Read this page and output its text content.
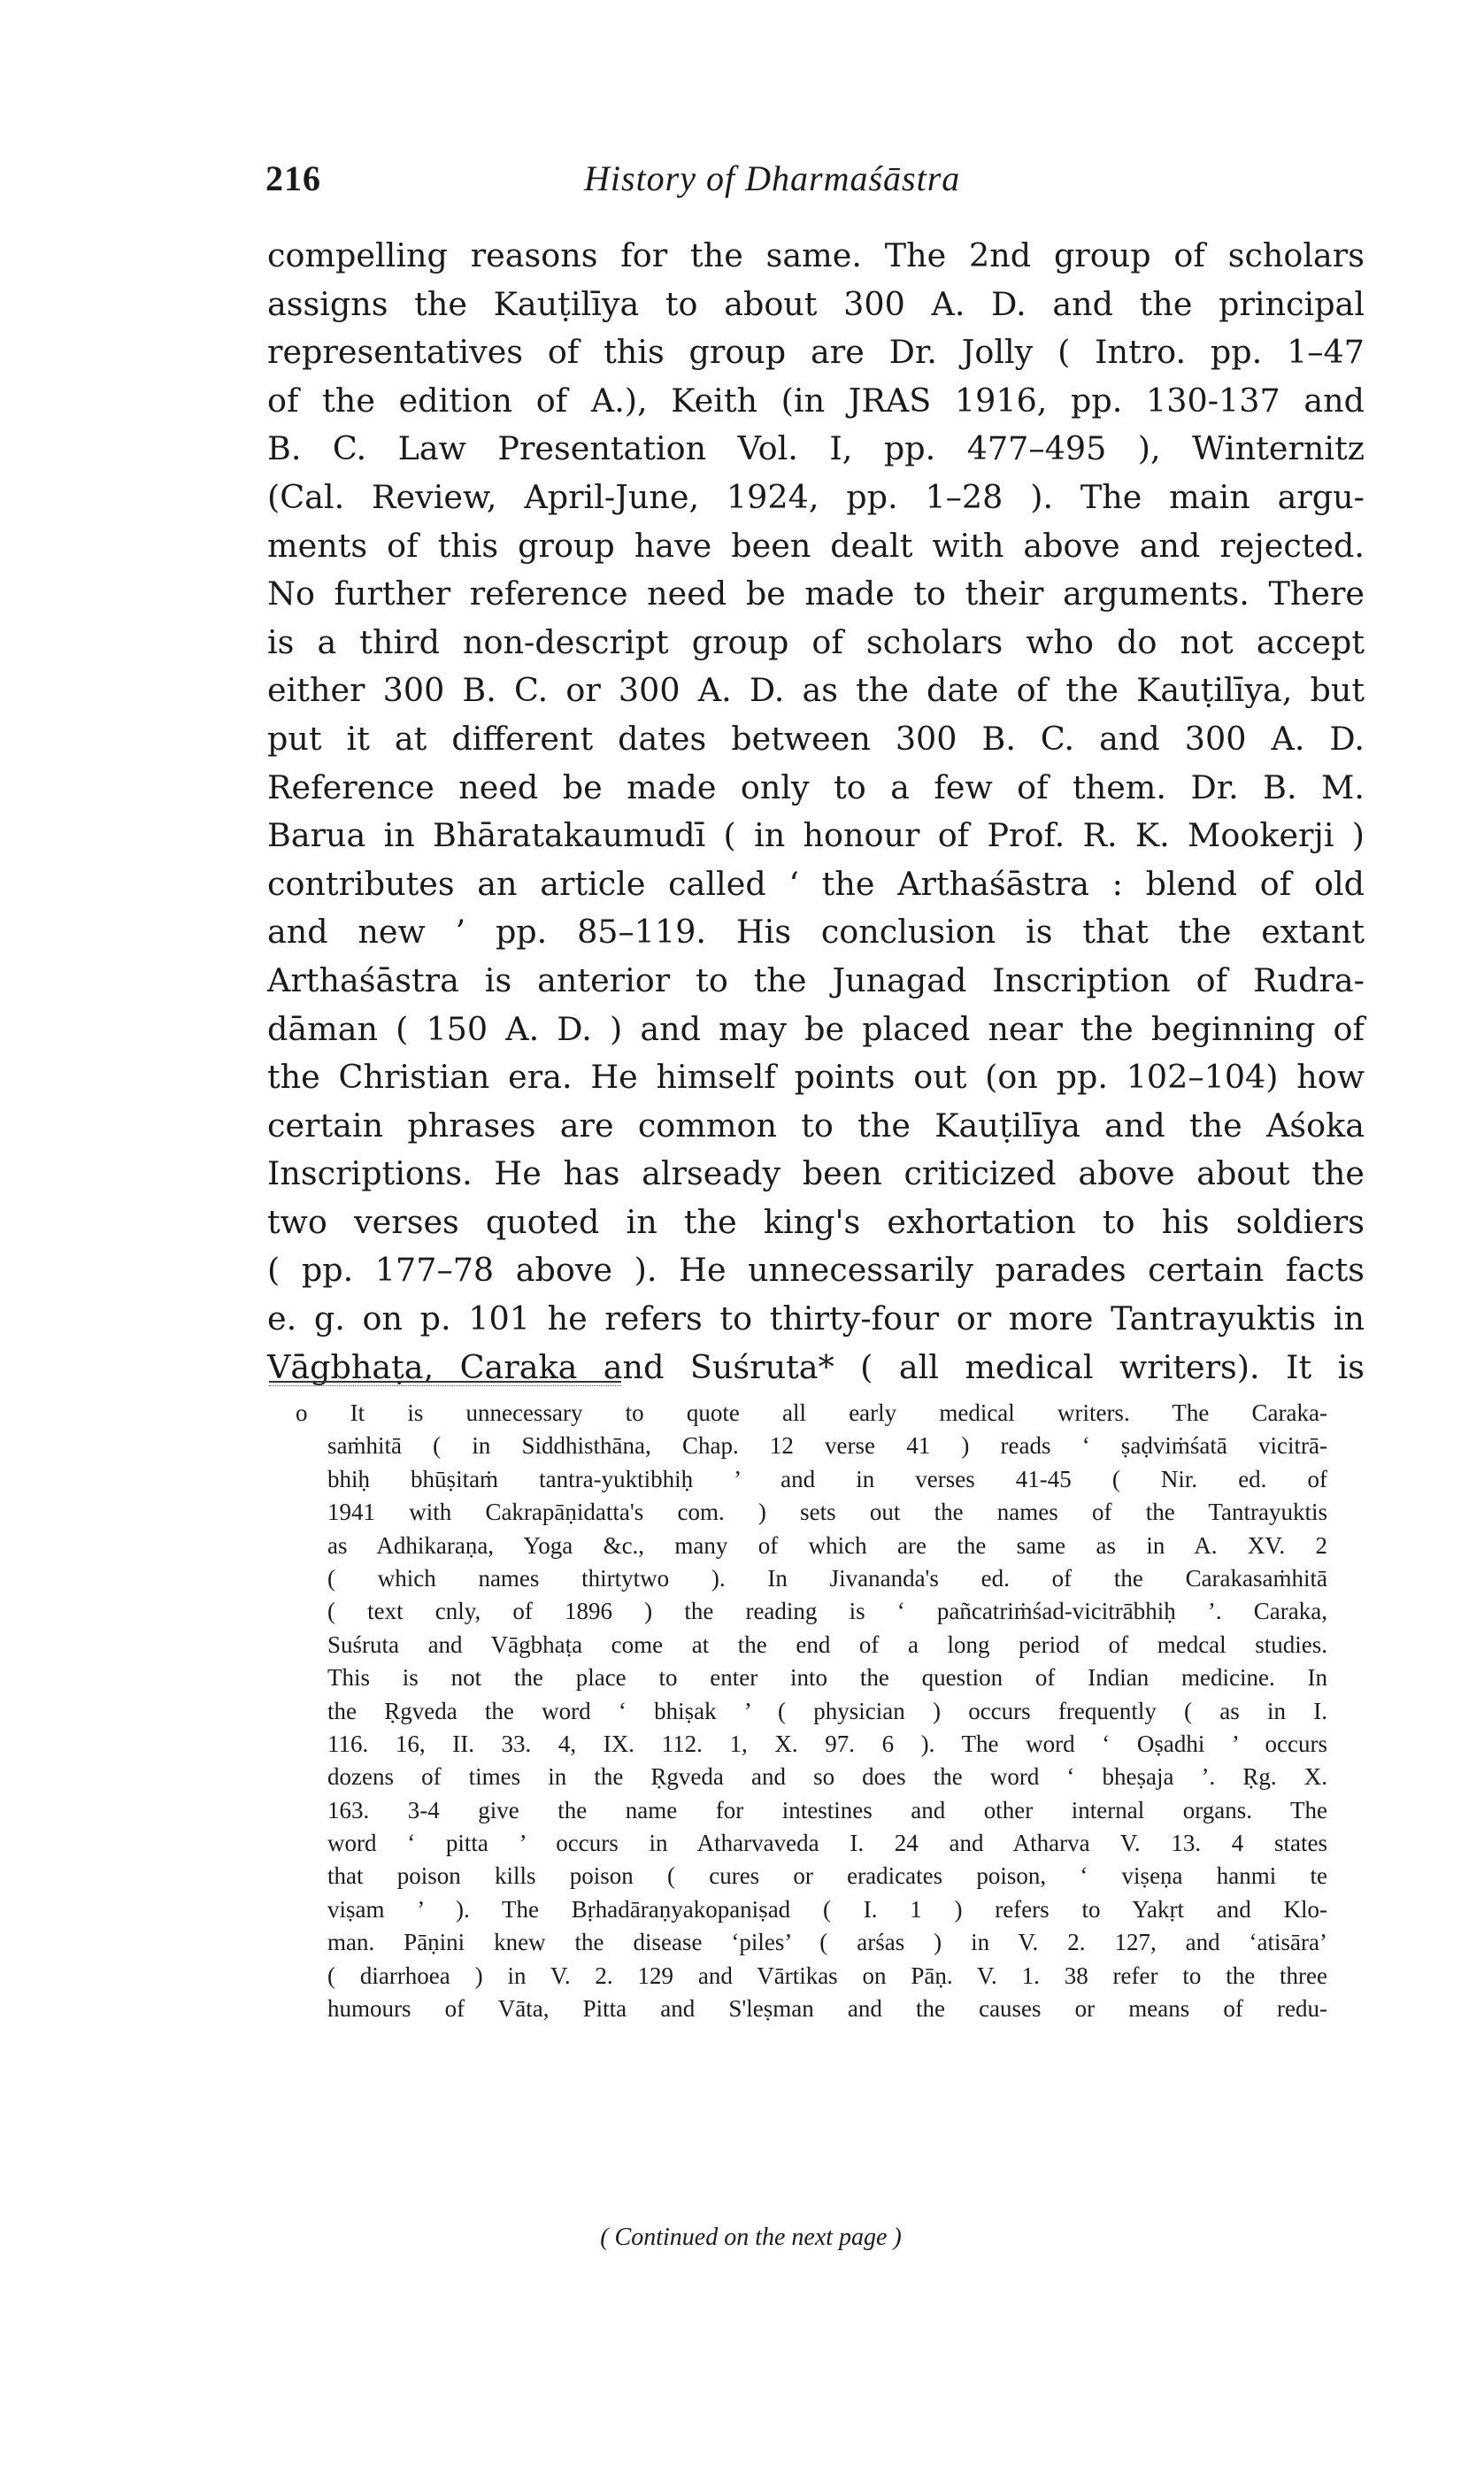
216	History of Dharmaśāstra
compelling reasons for the same. The 2nd group of scholars
assigns the Kauṭilīya to about 300 A. D. and the principal
representatives of this group are Dr. Jolly ( Intro. pp. 1–47
of the edition of A.), Keith (in JRAS 1916, pp. 130-137 and
B. C. Law Presentation Vol. I, pp. 477–495 ), Winternitz
(Cal. Review, April-June, 1924, pp. 1–28 ). The main argu-
ments of this group have been dealt with above and rejected.
No further reference need be made to their arguments. There
is a third non-descript group of scholars who do not accept
either 300 B. C. or 300 A. D. as the date of the Kauṭilīya, but
put it at different dates between 300 B. C. and 300 A. D.
Reference need be made only to a few of them. Dr. B. M.
Barua in Bhāratakaumudī ( in honour of Prof. R. K. Mookerji )
contributes an article called ‘ the Arthaśāstra : blend of old
and new ’ pp. 85–119. His conclusion is that the extant
Arthaśāstra is anterior to the Junagad Inscription of Rudra-
dāman ( 150 A. D. ) and may be placed near the beginning of
the Christian era. He himself points out (on pp. 102–104) how
certain phrases are common to the Kauṭilīya and the Aśoka
Inscriptions. He has alrseady been criticized above about the
two verses quoted in the king's exhortation to his soldiers
( pp. 177–78 above ). He unnecessarily parades certain facts
e. g. on p. 101 he refers to thirty-four or more Tantrayuktis in
Vāgbhaṭa, Caraka and Suśruta* ( all medical writers). It is
o It is unnecessary to quote all early medical writers. The Caraka-
saṁhitā ( in Siddhisthāna, Chap. 12 verse 41 ) reads ‘ ṣaḍviṁśatā vicitrā-
bhiḥ bhūṣitaṁ tantra-yuktibhiḥ ’ and in verses 41-45 ( Nir. ed. of
1941 with Cakrapāṇidatta's com. ) sets out the names of the Tantrayuktis
as Adhikaraṇa, Yoga &c., many of which are the same as in A. XV. 2
( which names thirtytwo ). In Jivananda's ed. of the Carakasaṁhitā
( text cnly, of 1896 ) the reading is ‘ pañcatriṁśad-vicitrābhiḥ ’. Caraka,
Suśruta and Vāgbhaṭa come at the end of a long period of medcal studies.
This is not the place to enter into the question of Indian medicine. In
the Ṛgveda the word ‘ bhiṣak ’ ( physician ) occurs frequently ( as in I.
116. 16, II. 33. 4, IX. 112. 1, X. 97. 6 ). The word ‘ Oṣadhi ’ occurs
dozens of times in the Ṛgveda and so does the word ‘ bheṣaja ’. Ṛg. X.
163. 3-4 give the name for intestines and other internal organs. The
word ‘ pitta ’ occurs in Atharvaveda I. 24 and Atharva V. 13. 4 states
that poison kills poison ( cures or eradicates poison, ‘ viṣeṇa hanmi te
viṣam ’ ). The Bṛhadāraṇyakopaniṣad ( I. 1 ) refers to Yakṛt and Klo-
man. Pāṇini knew the disease ‘piles’ ( arśas ) in V. 2. 127, and ‘atisāra’
( diarrhoea ) in V. 2. 129 and Vārtikas on Pāṇ. V. 1. 38 refer to the three
humours of Vāta, Pitta and S'leṣman and the causes or means of redu-
( Continued on the next page )
